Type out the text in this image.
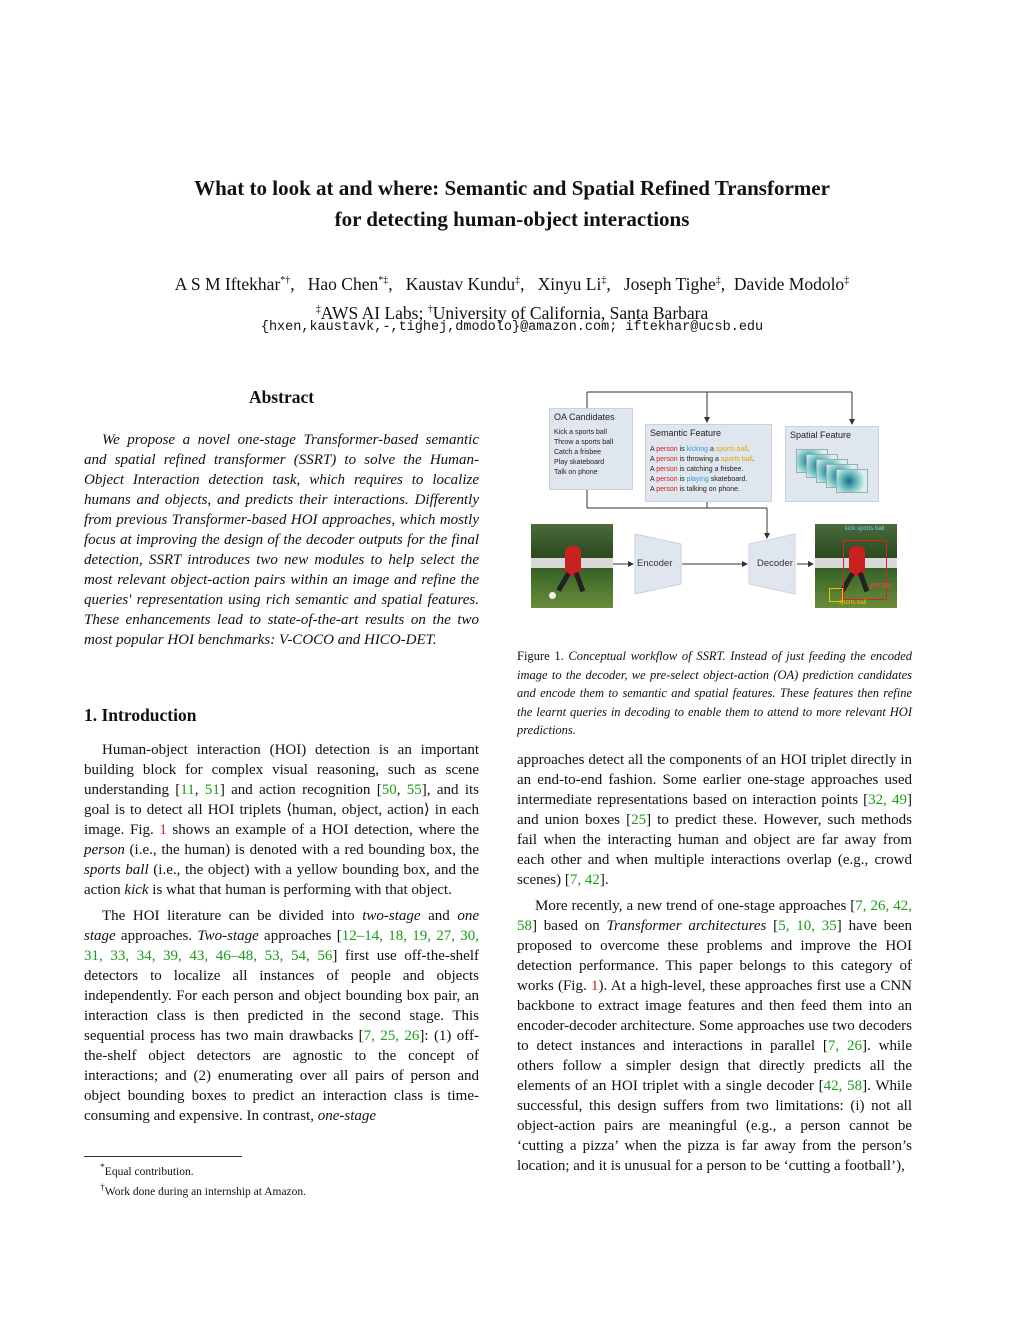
What to look at and where: Semantic and Spatial Refined Transformer
for detecting human-object interactions
A S M Iftekhar*†,   Hao Chen*‡,   Kaustav Kundu‡,   Xinyu Li‡,   Joseph Tighe‡,  Davide Modolo‡
‡AWS AI Labs; †University of California, Santa Barbara
{hxen,kaustavk,-,tighej,dmodolo}@amazon.com; iftekhar@ucsb.edu
Abstract
We propose a novel one-stage Transformer-based semantic and spatial refined transformer (SSRT) to solve the Human-Object Interaction detection task, which requires to localize humans and objects, and predicts their interactions. Differently from previous Transformer-based HOI approaches, which mostly focus at improving the design of the decoder outputs for the final detection, SSRT introduces two new modules to help select the most relevant object-action pairs within an image and refine the queries' representation using rich semantic and spatial features. These enhancements lead to state-of-the-art results on the two most popular HOI benchmarks: V-COCO and HICO-DET.
1. Introduction

Human-object interaction (HOI) detection is an important building block for complex visual reasoning, such as scene understanding [11, 51] and action recognition [50, 55], and its goal is to detect all HOI triplets ⟨human, object, action⟩ in each image. Fig. 1 shows an example of a HOI detection, where the person (i.e., the human) is denoted with a red bounding box, the sports ball (i.e., the object) with a yellow bounding box, and the action kick is what that human is performing with that object.

The HOI literature can be divided into two-stage and one stage approaches. Two-stage approaches [12–14, 18, 19, 27, 30, 31, 33, 34, 39, 43, 46–48, 53, 54, 56] first use off-the-shelf detectors to localize all instances of people and objects independently. For each person and object bounding box pair, an interaction class is then predicted in the second stage. This sequential process has two main drawbacks [7, 25, 26]: (1) off-the-shelf object detectors are agnostic to the concept of interactions; and (2) enumerating over all pairs of person and object bounding boxes to predict an interaction class is time-consuming and expensive. In contrast, one-stage

*Equal contribution.
†Work done during an internship at Amazon.
OA Candidates
Kick a sports ball
Throw a sports ball
Catch a frisbee
Play skateboard
Talk on phone
Semantic Feature
A person is kicking a sports ball.
A person is throwing a sports ball.
A person is catching a frisbee.
A person is playing skateboard.
A person is talking on phone.
Spatial Feature
Encoder	Decoder
kick sports ball
person
sports ball
Figure 1. Conceptual workflow of SSRT. Instead of just feeding the encoded image to the decoder, we pre-select object-action (OA) prediction candidates and encode them to semantic and spatial features. These features then refine the learnt queries in decoding to enable them to attend to more relevant HOI predictions.

approaches detect all the components of an HOI triplet directly in an end-to-end fashion. Some earlier one-stage approaches used intermediate representations based on interaction points [32, 49] and union boxes [25] to predict these. However, such methods fail when the interacting human and object are far away from each other and when multiple interactions overlap (e.g., crowd scenes) [7, 42].

More recently, a new trend of one-stage approaches [7, 26, 42, 58] based on Transformer architectures [5, 10, 35] have been proposed to overcome these problems and improve the HOI detection performance. This paper belongs to this category of works (Fig. 1). At a high-level, these approaches first use a CNN backbone to extract image features and then feed them into an encoder-decoder architecture. Some approaches use two decoders to detect instances and interactions in parallel [7, 26]. while others follow a simpler design that directly predicts all the elements of an HOI triplet with a single decoder [42, 58]. While successful, this design suffers from two limitations: (i) not all object-action pairs are meaningful (e.g., a person cannot be ‘cutting a pizza’ when the pizza is far away from the person’s location; and it is unusual for a person to be ‘cutting a football’),
